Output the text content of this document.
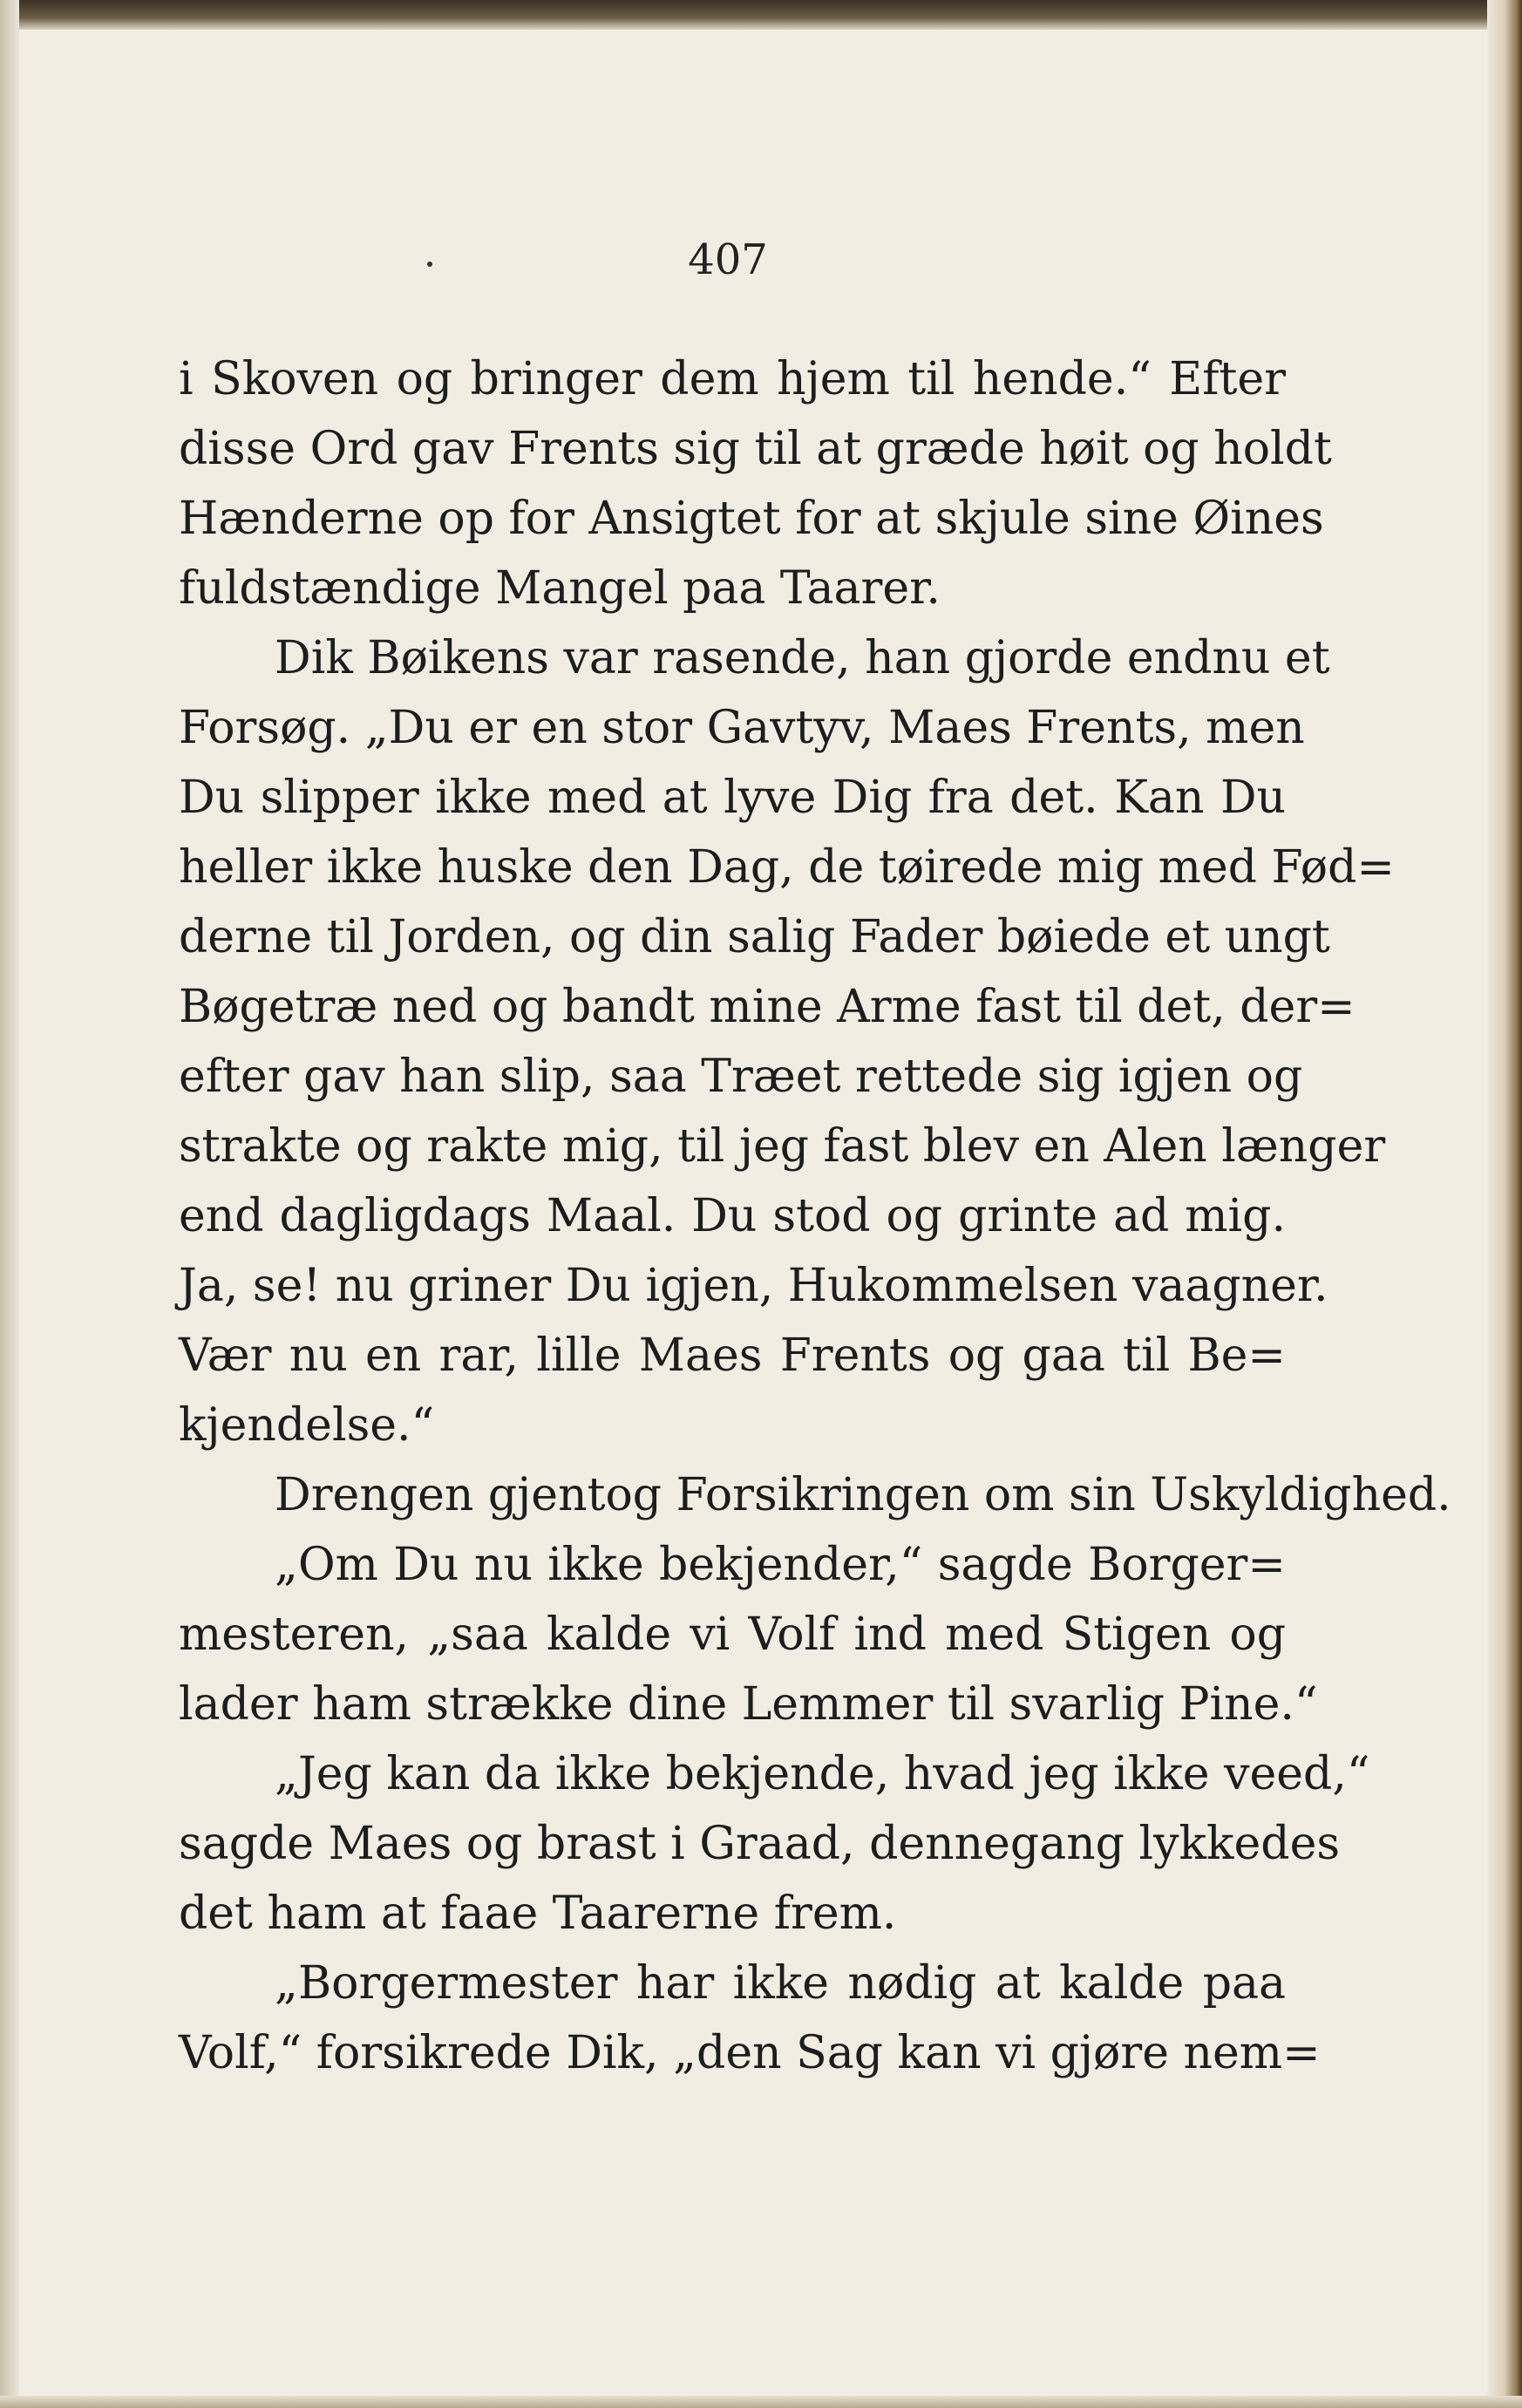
407
i Skoven og bringer dem hjem til hende.“ Efter
disse Ord gav Frents sig til at græde høit og holdt
Hænderne op for Ansigtet for at skjule sine Øines
fuldstændige Mangel paa Taarer.
Dik Bøikens var rasende, han gjorde endnu et
Forsøg. „Du er en stor Gavtyv, Maes Frents, men
Du slipper ikke med at lyve Dig fra det. Kan Du
heller ikke huske den Dag, de tøirede mig med Fød=
derne til Jorden, og din salig Fader bøiede et ungt
Bøgetræ ned og bandt mine Arme fast til det, der=
efter gav han slip, saa Træet rettede sig igjen og
strakte og rakte mig, til jeg fast blev en Alen længer
end dagligdags Maal. Du stod og grinte ad mig.
Ja, se! nu griner Du igjen, Hukommelsen vaagner.
Vær nu en rar, lille Maes Frents og gaa til Be=
kjendelse.“
Drengen gjentog Forsikringen om sin Uskyldighed.
„Om Du nu ikke bekjender,“ sagde Borger=
mesteren, „saa kalde vi Volf ind med Stigen og
lader ham strække dine Lemmer til svarlig Pine.“
„Jeg kan da ikke bekjende, hvad jeg ikke veed,“
sagde Maes og brast i Graad, dennegang lykkedes
det ham at faae Taarerne frem.
„Borgermester har ikke nødig at kalde paa
Volf,“ forsikrede Dik, „den Sag kan vi gjøre nem=
